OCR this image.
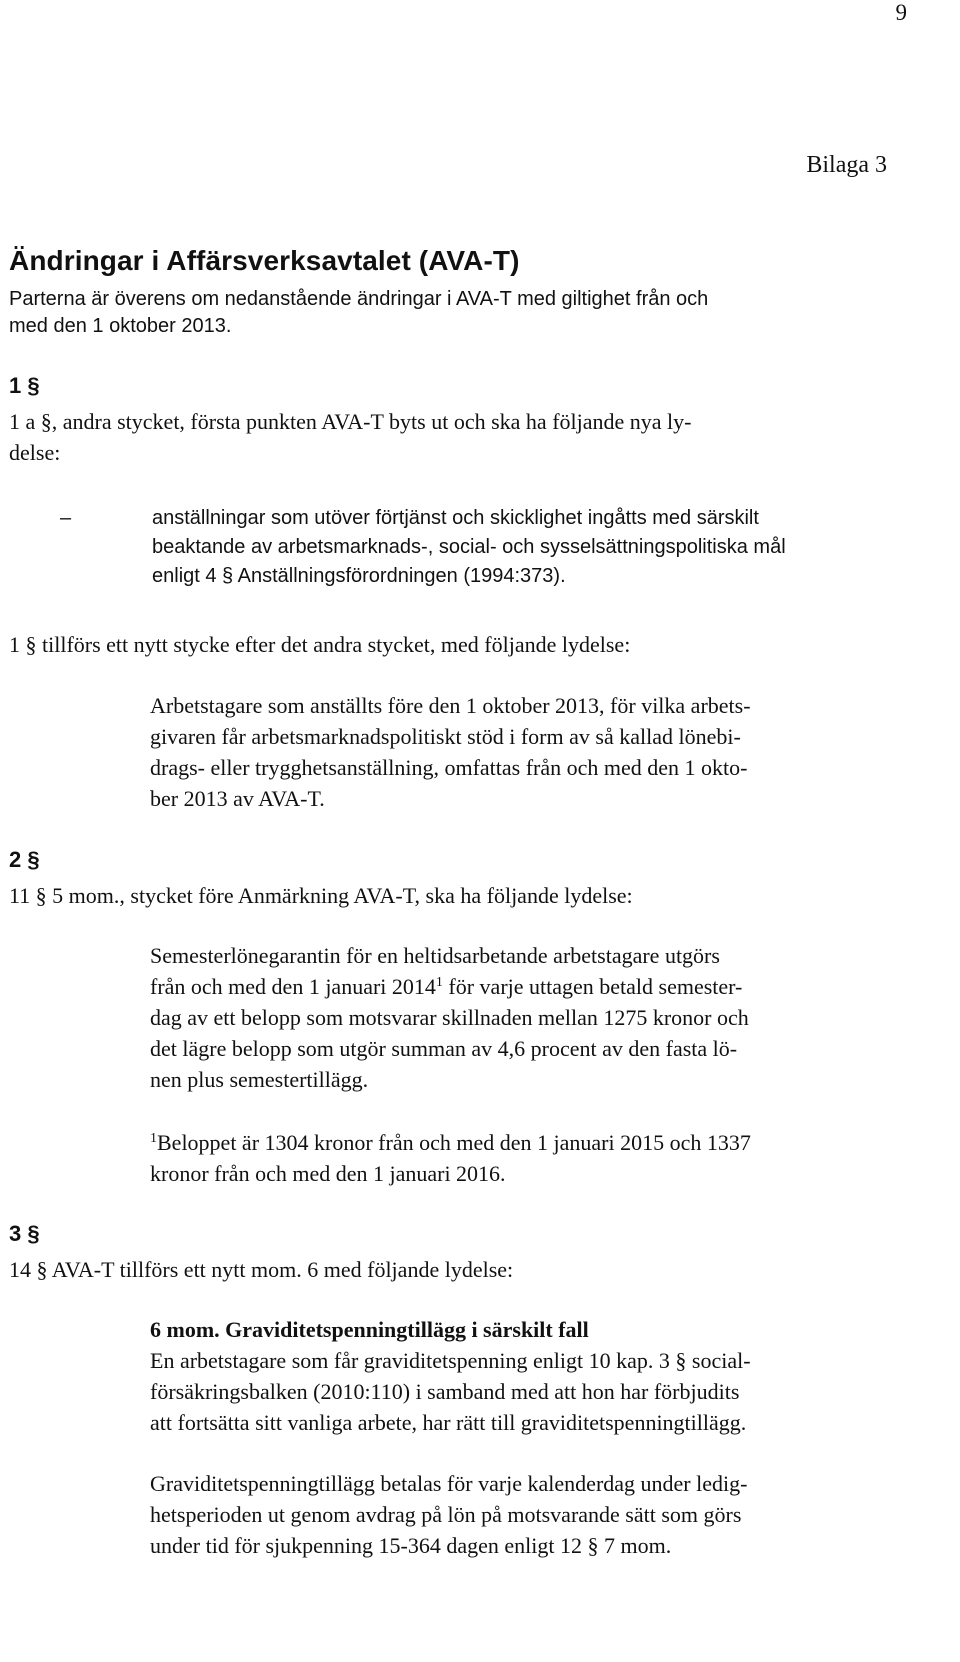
9
Bilaga 3
Ändringar i Affärsverksavtalet (AVA-T)
Parterna är överens om nedanstående ändringar i AVA-T med giltighet från och
med den 1 oktober 2013.
1 §
1 a §, andra stycket, första punkten AVA-T byts ut och ska ha följande nya ly-
delse:
–	anställningar som utöver förtjänst och skicklighet ingåtts med särskilt
beaktande av arbetsmarknads-, social- och sysselsättningspolitiska mål
enligt 4 § Anställningsförordningen (1994:373).
1 § tillförs ett nytt stycke efter det andra stycket, med följande lydelse:
Arbetstagare som anställts före den 1 oktober 2013, för vilka arbets-
givaren får arbetsmarknadspolitiskt stöd i form av så kallad lönebi-
drags- eller trygghetsanställning, omfattas från och med den 1 okto-
ber 2013 av AVA-T.
2 §
11 § 5 mom., stycket före Anmärkning AVA-T, ska ha följande lydelse:
Semesterlönegarantin för en heltidsarbetande arbetstagare utgörs
från och med den 1 januari 2014$^1$ för varje uttagen betald semester-
dag av ett belopp som motsvarar skillnaden mellan 1275 kronor och
det lägre belopp som utgör summan av 4,6 procent av den fasta lö-
nen plus semestertillägg.
$^1$Beloppet är 1304 kronor från och med den 1 januari 2015 och 1337
kronor från och med den 1 januari 2016.
3 §
14 § AVA-T tillförs ett nytt mom. 6 med följande lydelse:
6 mom. Graviditetspenningtillägg i särskilt fall
En arbetstagare som får graviditetspenning enligt 10 kap. 3 § social-
försäkringsbalken (2010:110) i samband med att hon har förbjudits
att fortsätta sitt vanliga arbete, har rätt till graviditetspenningtillägg.
Graviditetspenningtillägg betalas för varje kalenderdag under ledig-
hetsperioden ut genom avdrag på lön på motsvarande sätt som görs
under tid för sjukpenning 15-364 dagen enligt 12 § 7 mom.
